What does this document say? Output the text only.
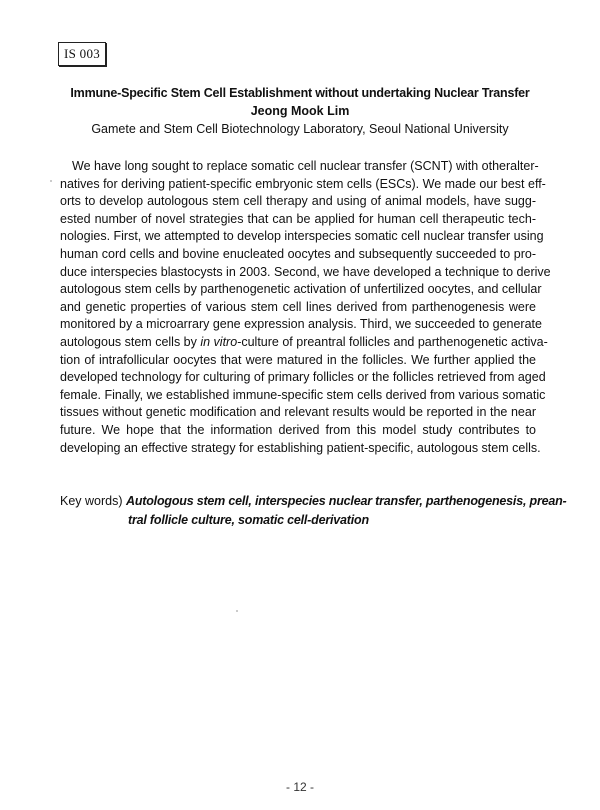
IS 003
Immune-Specific Stem Cell Establishment without undertaking Nuclear Transfer
Jeong Mook Lim
Gamete and Stem Cell Biotechnology Laboratory, Seoul National University
We have long sought to replace somatic cell nuclear transfer (SCNT) with otheralter-
natives for deriving patient-specific embryonic stem cells (ESCs). We made our best eff-
orts to develop autologous stem cell therapy and using of animal models, have sugg-
ested number of novel strategies that can be applied for human cell therapeutic tech-
nologies. First, we attempted to develop interspecies somatic cell nuclear transfer using
human cord cells and bovine enucleated oocytes and subsequently succeeded to pro-
duce interspecies blastocysts in 2003. Second, we have developed a technique to derive
autologous stem cells by parthenogenetic activation of unfertilized oocytes, and cellular
and genetic properties of various stem cell lines derived from parthenogenesis were
monitored by a microarrary gene expression analysis. Third, we succeeded to generate
autologous stem cells by in vitro-culture of preantral follicles and parthenogenetic activa-
tion of intrafollicular oocytes that were matured in the follicles. We further applied the
developed technology for culturing of primary follicles or the follicles retrieved from aged
female. Finally, we established immune-specific stem cells derived from various somatic
tissues without genetic modification and relevant results would be reported in the near
future. We hope that the information derived from this model study contributes to
developing an effective strategy for establishing patient-specific, autologous stem cells.
Key words) Autologous stem cell, interspecies nuclear transfer, parthenogenesis, prean-
tral follicle culture, somatic cell-derivation
- 12 -
